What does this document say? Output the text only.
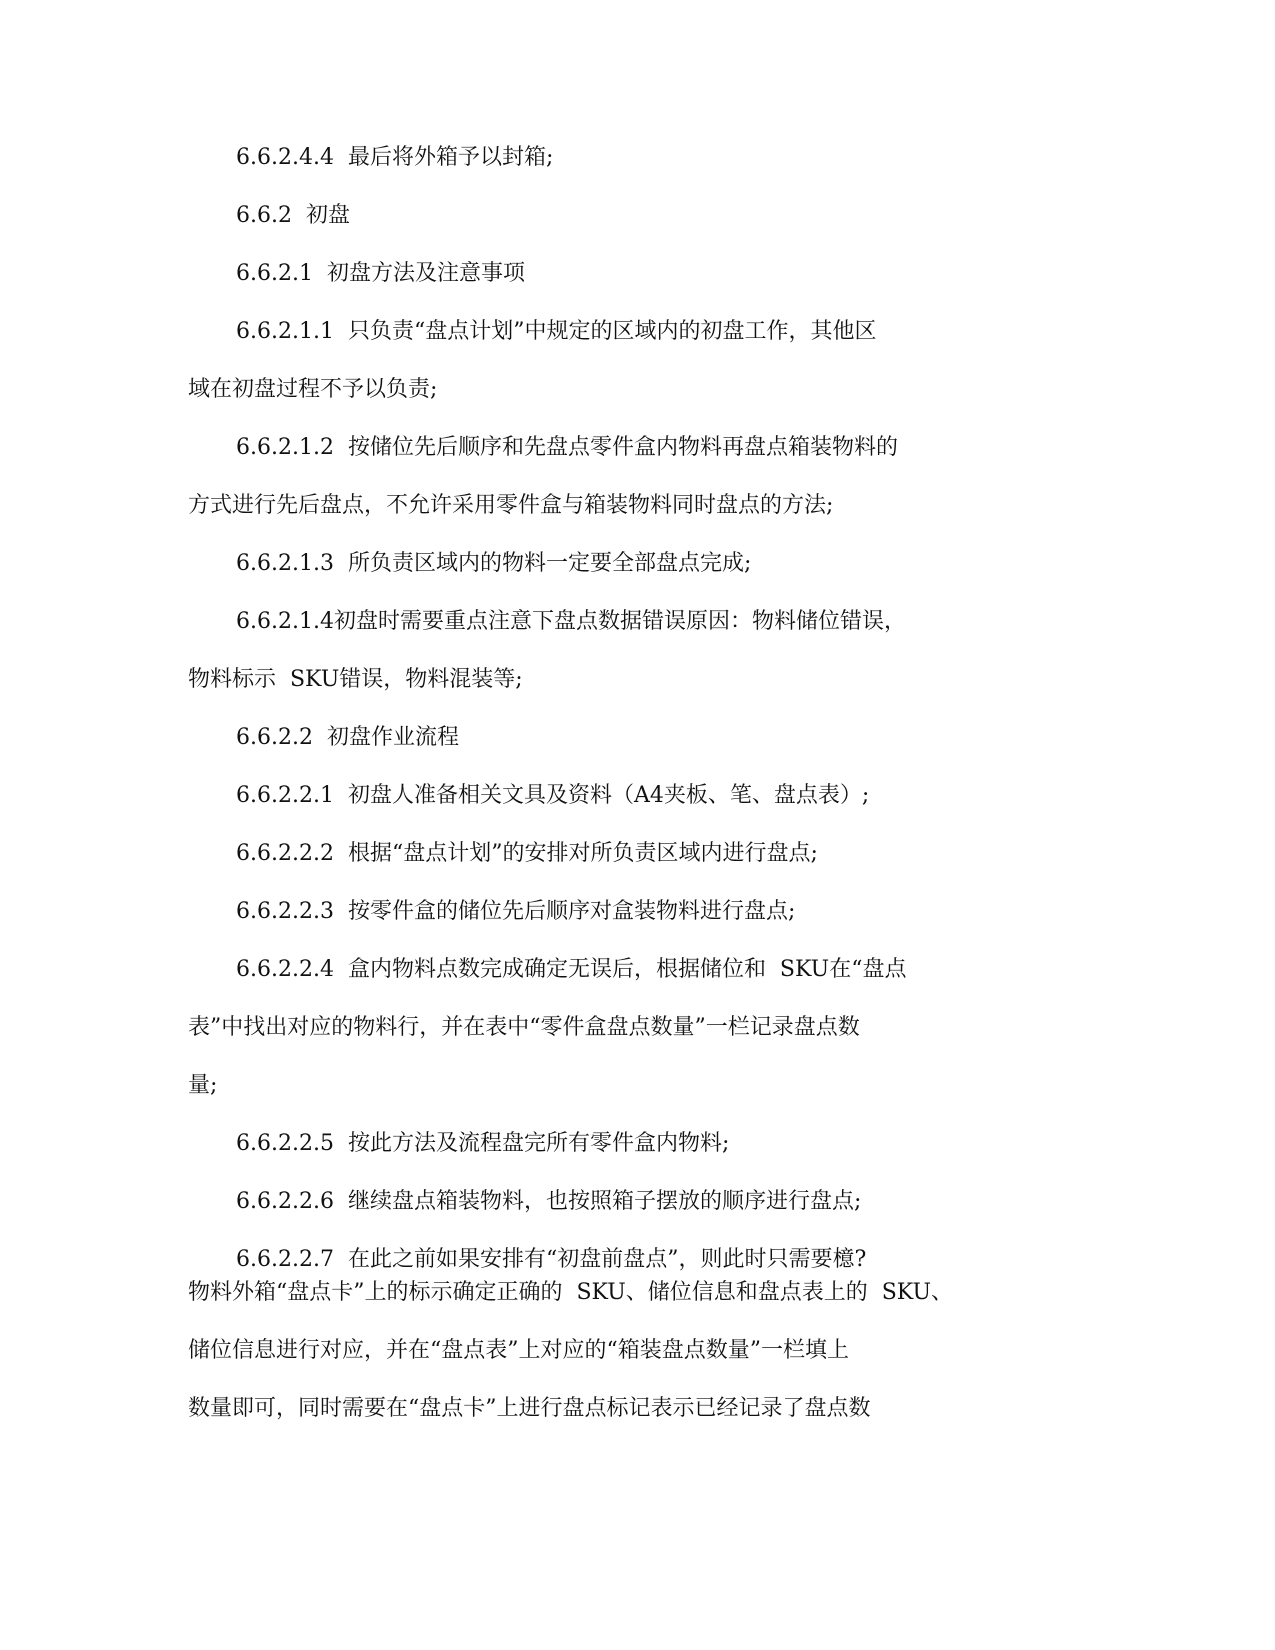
6.6.2.4.4  最后将外箱予以封箱;
6.6.2  初盘
6.6.2.1  初盘方法及注意事项
6.6.2.1.1  只负责“盘点计划”中规定的区域内的初盘工作，其他区
域在初盘过程不予以负责;
6.6.2.1.2  按储位先后顺序和先盘点零件盒内物料再盘点箱装物料的
方式进行先后盘点，不允许采用零件盒与箱装物料同时盘点的方法;
6.6.2.1.3  所负责区域内的物料一定要全部盘点完成;
6.6.2.1.4初盘时需要重点注意下盘点数据错误原因：物料储位错误，
物料标示  SKU错误，物料混装等;
6.6.2.2  初盘作业流程
6.6.2.2.1  初盘人准备相关文具及资料（A4夹板、笔、盘点表）;
6.6.2.2.2  根据“盘点计划”的安排对所负责区域内进行盘点;
6.6.2.2.3  按零件盒的储位先后顺序对盒装物料进行盘点;
6.6.2.2.4  盒内物料点数完成确定无误后，根据储位和  SKU在“盘点
表”中找出对应的物料行，并在表中“零件盒盘点数量”一栏记录盘点数
量;
6.6.2.2.5  按此方法及流程盘完所有零件盒内物料;
6.6.2.2.6  继续盘点箱装物料，也按照箱子摆放的顺序进行盘点;
6.6.2.2.7  在此之前如果安排有“初盘前盘点”，则此时只需要檍?
物料外箱“盘点卡”上的标示确定正确的  SKU、储位信息和盘点表上的  SKU、
储位信息进行对应，并在“盘点表”上对应的“箱装盘点数量”一栏填上
数量即可，同时需要在“盘点卡”上进行盘点标记表示已经记录了盘点数
